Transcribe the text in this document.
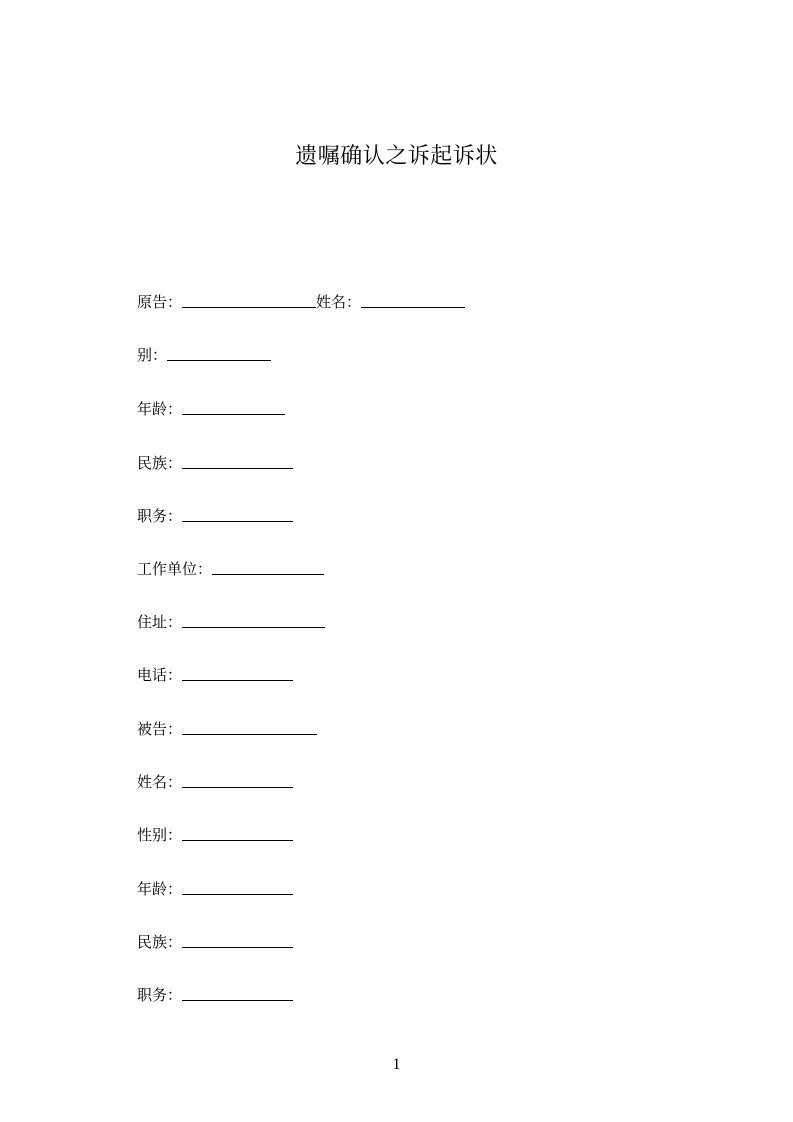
遗嘱确认之诉起诉状
原告：	姓名：
别：
年龄：
民族：
职务：
工作单位：
住址：
电话：
被告：
姓名：
性别：
年龄：
民族：
职务：
1
